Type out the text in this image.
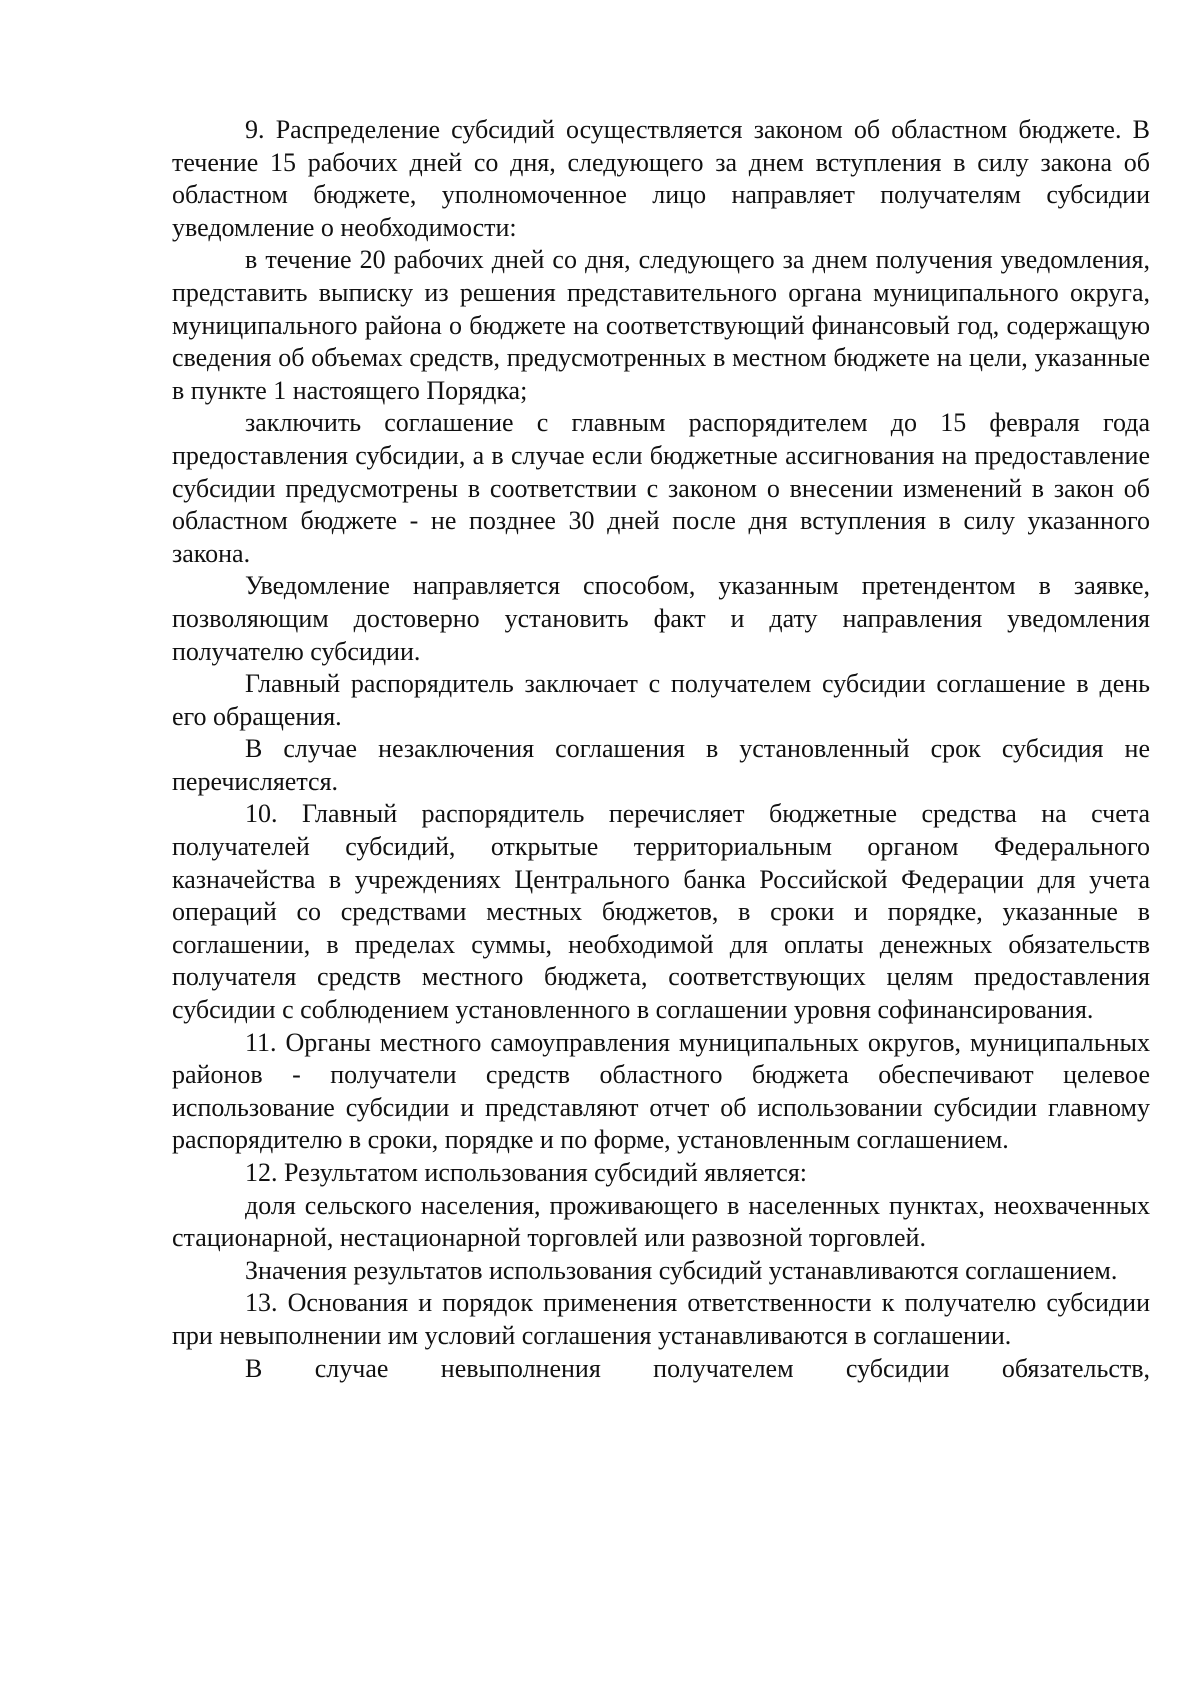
9. Распределение субсидий осуществляется законом об областном бюджете. В течение 15 рабочих дней со дня, следующего за днем вступления в силу закона об областном бюджете, уполномоченное лицо направляет получателям субсидии уведомление о необходимости:

в течение 20 рабочих дней со дня, следующего за днем получения уведомления, представить выписку из решения представительного органа муниципального округа, муниципального района о бюджете на соответствующий финансовый год, содержащую сведения об объемах средств, предусмотренных в местном бюджете на цели, указанные в пункте 1 настоящего Порядка;

заключить соглашение с главным распорядителем до 15 февраля года предоставления субсидии, а в случае если бюджетные ассигнования на предоставление субсидии предусмотрены в соответствии с законом о внесении изменений в закон об областном бюджете - не позднее 30 дней после дня вступления в силу указанного закона.

Уведомление направляется способом, указанным претендентом в заявке, позволяющим достоверно установить факт и дату направления уведомления получателю субсидии.

Главный распорядитель заключает с получателем субсидии соглашение в день его обращения.

В случае незаключения соглашения в установленный срок субсидия не перечисляется.

10. Главный распорядитель перечисляет бюджетные средства на счета получателей субсидий, открытые территориальным органом Федерального казначейства в учреждениях Центрального банка Российской Федерации для учета операций со средствами местных бюджетов, в сроки и порядке, указанные в соглашении, в пределах суммы, необходимой для оплаты денежных обязательств получателя средств местного бюджета, соответствующих целям предоставления субсидии с соблюдением установленного в соглашении уровня софинансирования.

11. Органы местного самоуправления муниципальных округов, муниципальных районов - получатели средств областного бюджета обеспечивают целевое использование субсидии и представляют отчет об использовании субсидии главному распорядителю в сроки, порядке и по форме, установленным соглашением.

12. Результатом использования субсидий является:

доля сельского населения, проживающего в населенных пунктах, неохваченных стационарной, нестационарной торговлей или развозной торговлей.

Значения результатов использования субсидий устанавливаются соглашением.

13. Основания и порядок применения ответственности к получателю субсидии при невыполнении им условий соглашения устанавливаются в соглашении.

В случае невыполнения получателем субсидии обязательств,
